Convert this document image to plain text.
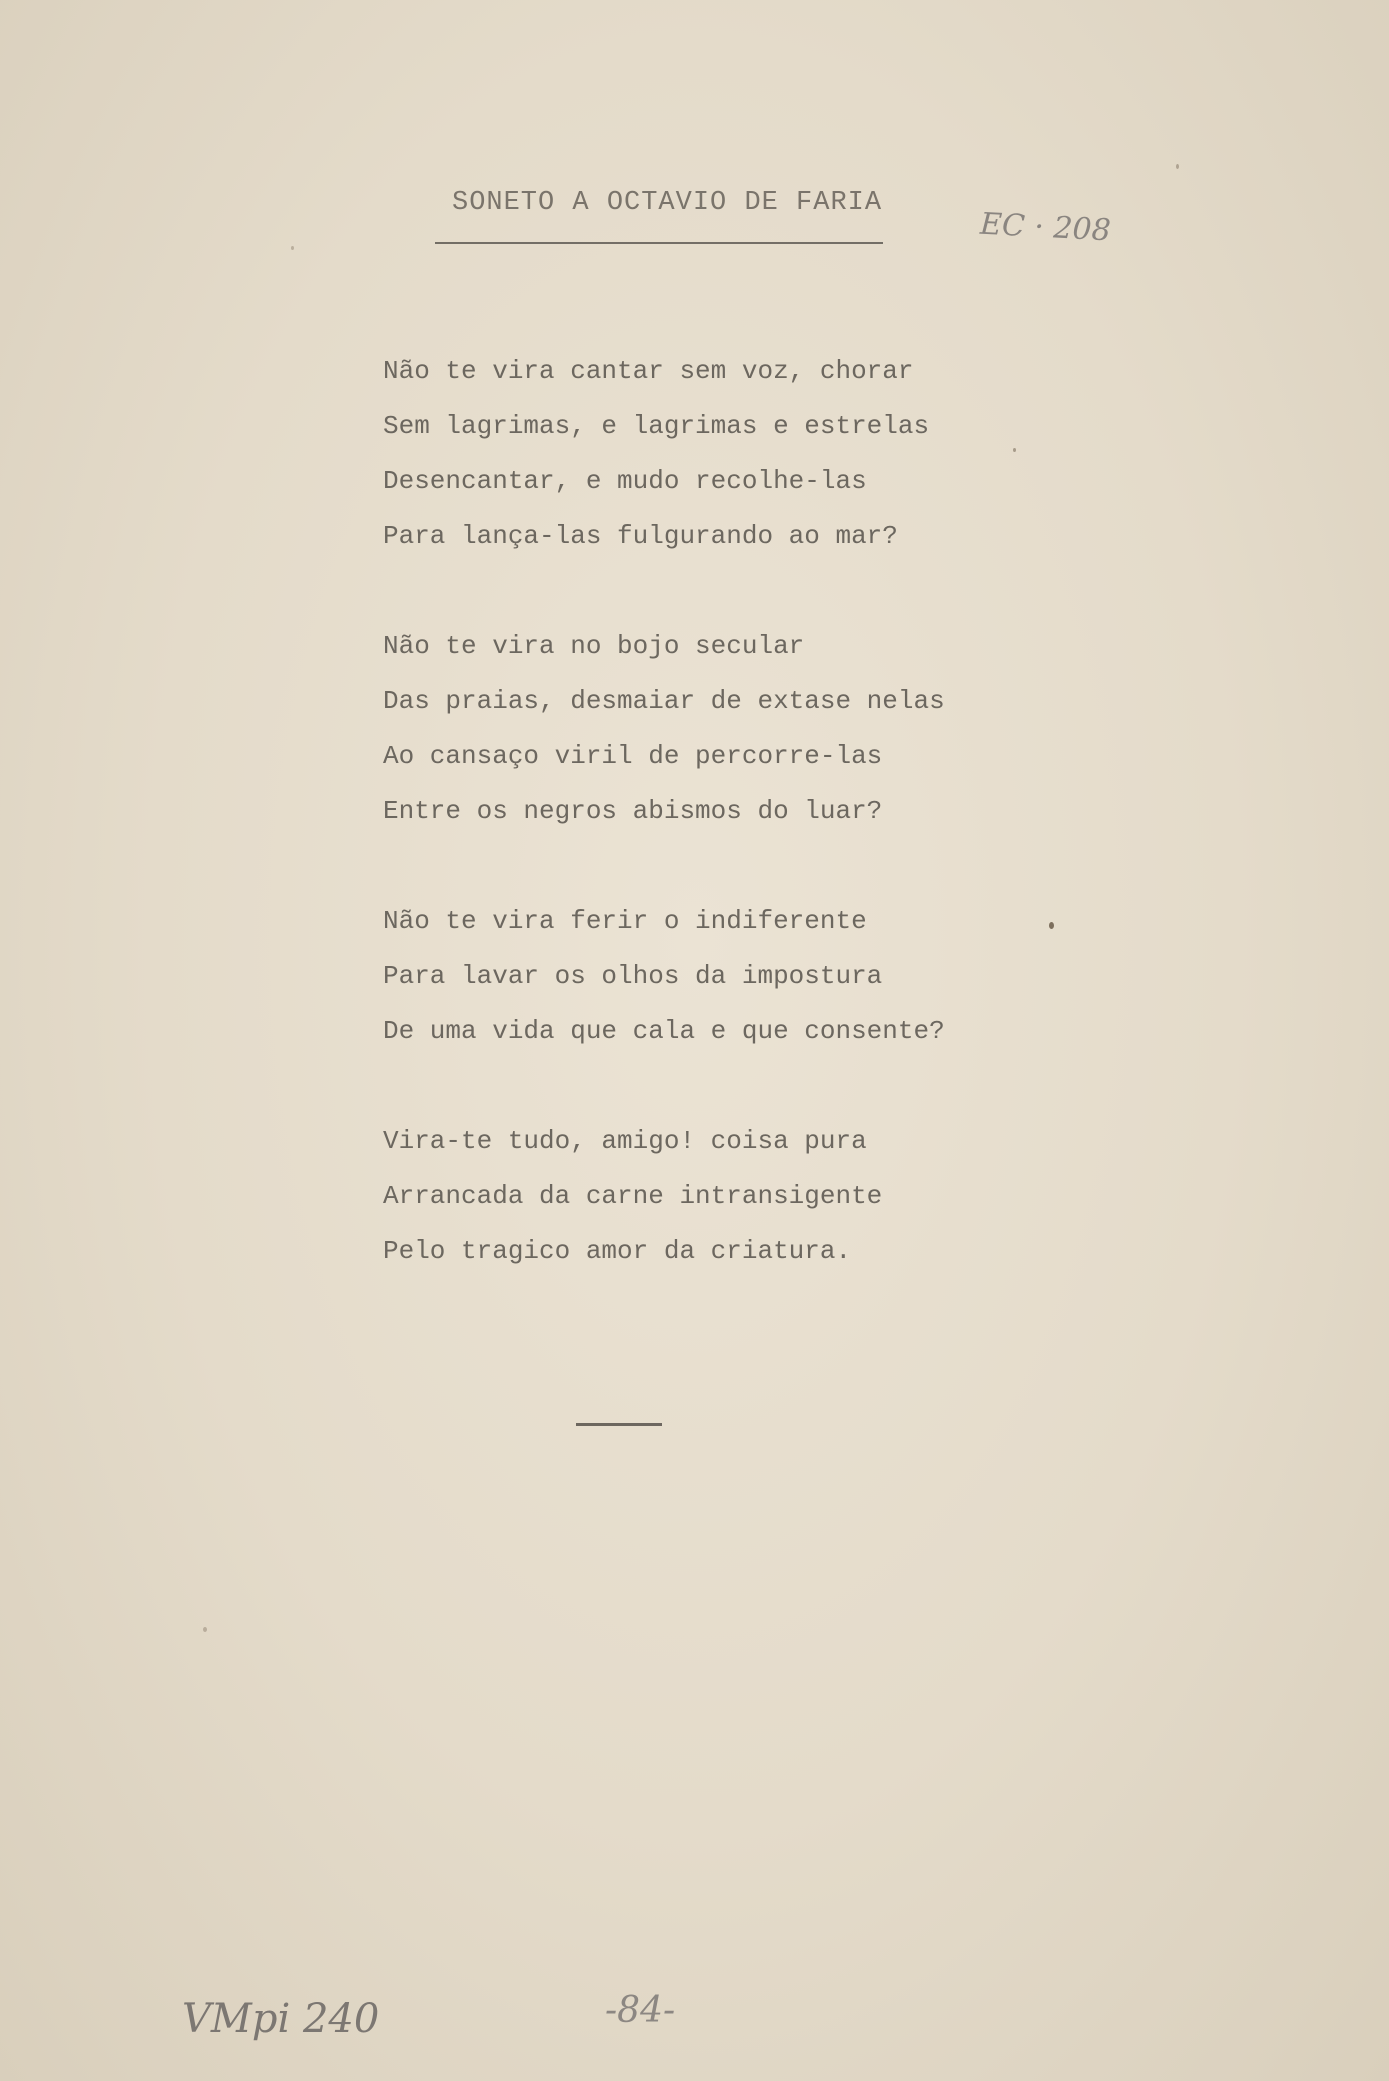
SONETO A OCTAVIO DE FARIA
EC · 208
Não te vira cantar sem voz, chorar
Sem lagrimas, e lagrimas e estrelas
Desencantar, e mudo recolhe-las
Para lança-las fulgurando ao mar?
Não te vira no bojo secular
Das praias, desmaiar de extase nelas
Ao cansaço viril de percorre-las
Entre os negros abismos do luar?
Não te vira ferir o indiferente
Para lavar os olhos da impostura
De uma vida que cala e que consente?
Vira-te tudo, amigo! coisa pura
Arrancada da carne intransigente
Pelo tragico amor da criatura.
VMpi 240	-84-
